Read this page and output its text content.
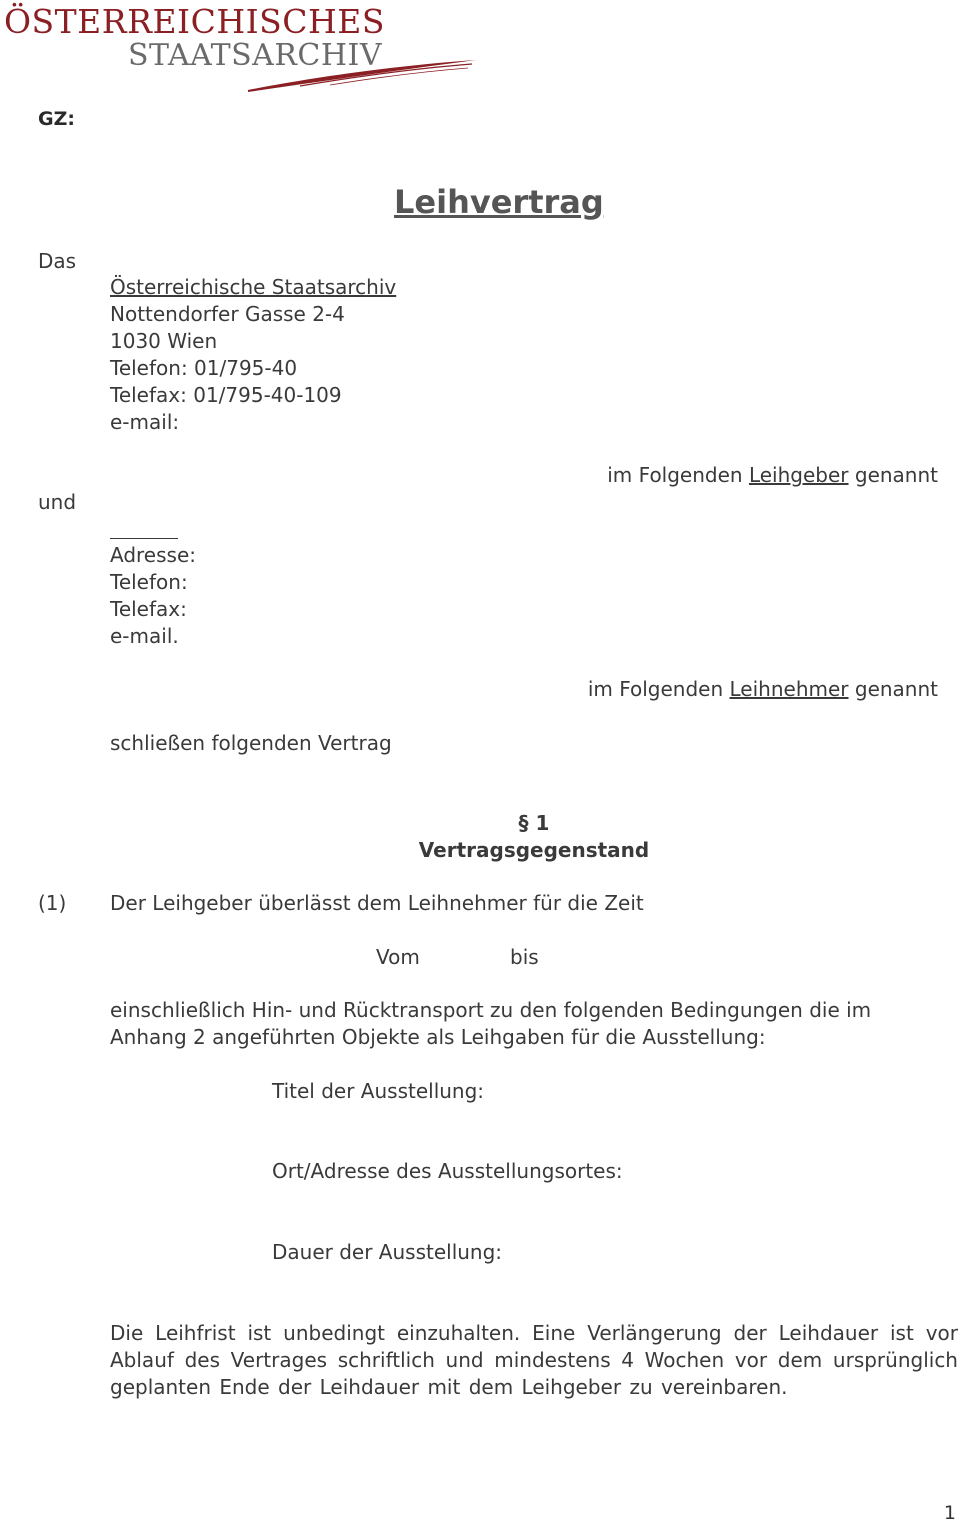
ÖSTERREICHISCHES
STAATSARCHIV
GZ:
Leihvertrag
Das
Österreichische Staatsarchiv
Nottendorfer Gasse 2-4
1030 Wien
Telefon: 01/795-40
Telefax: 01/795-40-109
e-mail:
im Folgenden Leihgeber genannt
und
Adresse:
Telefon:
Telefax:
e-mail.
im Folgenden Leihnehmer genannt
schließen folgenden Vertrag
§ 1
Vertragsgegenstand
(1) Der Leihgeber überlässt dem Leihnehmer für die Zeit
Vom	bis
einschließlich Hin- und Rücktransport zu den folgenden Bedingungen die im
Anhang 2 angeführten Objekte als Leihgaben für die Ausstellung:
Titel der Ausstellung:
Ort/Adresse des Ausstellungsortes:
Dauer der Ausstellung:
Die Leihfrist ist unbedingt einzuhalten. Eine Verlängerung der Leihdauer ist vor Ablauf des Vertrages schriftlich und mindestens 4 Wochen vor dem ursprünglich geplanten Ende der Leihdauer mit dem Leihgeber zu vereinbaren.
1
